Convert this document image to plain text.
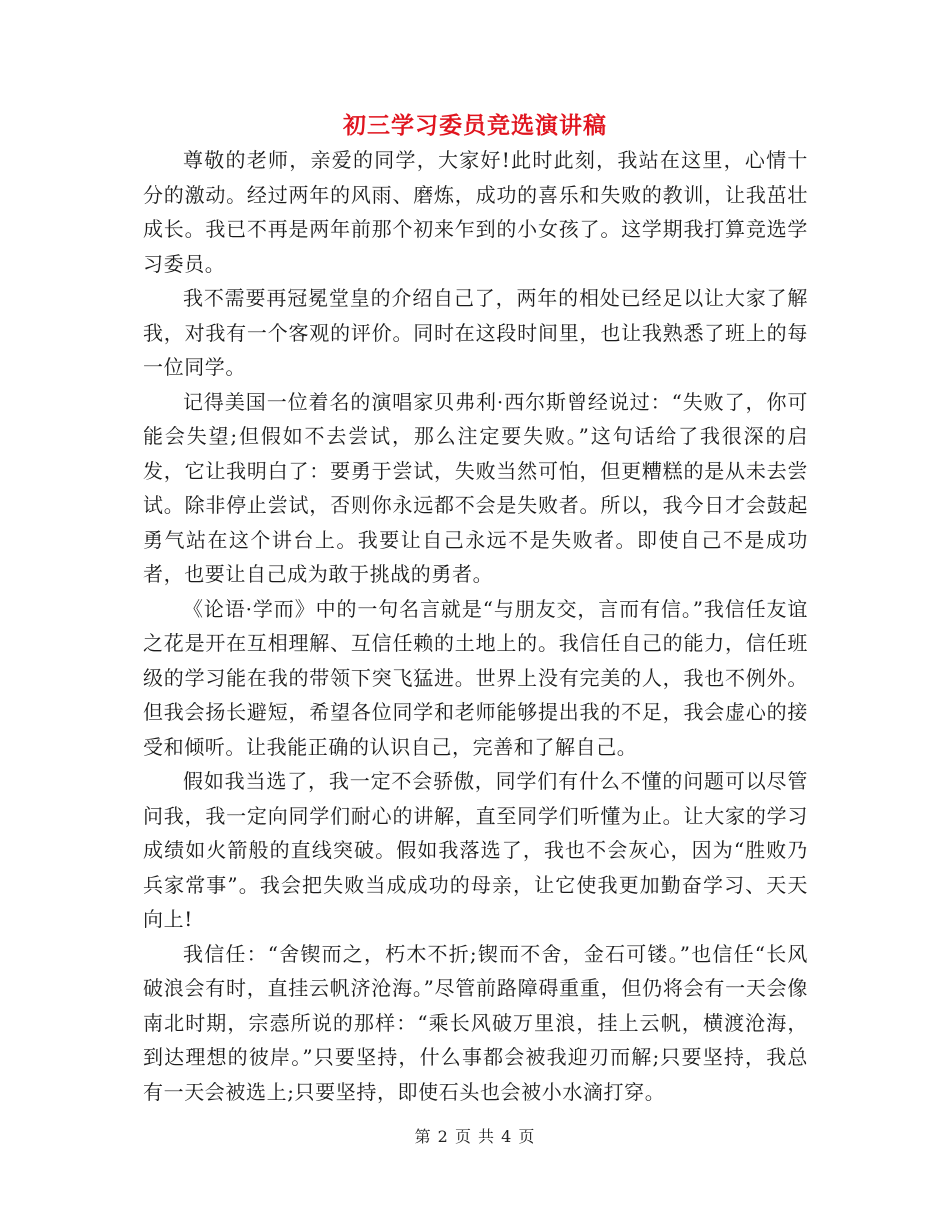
初三学习委员竞选演讲稿

尊敬的老师，亲爱的同学，大家好!此时此刻，我站在这里，心情十分的激动。经过两年的风雨、磨炼，成功的喜乐和失败的教训，让我茁壮成长。我已不再是两年前那个初来乍到的小女孩了。这学期我打算竞选学习委员。

我不需要再冠冕堂皇的介绍自己了，两年的相处已经足以让大家了解我，对我有一个客观的评价。同时在这段时间里，也让我熟悉了班上的每一位同学。

记得美国一位着名的演唱家贝弗利·西尔斯曾经说过：“失败了，你可能会失望;但假如不去尝试，那么注定要失败。”这句话给了我很深的启发，它让我明白了：要勇于尝试，失败当然可怕，但更糟糕的是从未去尝试。除非停止尝试，否则你永远都不会是失败者。所以，我今日才会鼓起勇气站在这个讲台上。我要让自己永远不是失败者。即使自己不是成功者，也要让自己成为敢于挑战的勇者。

《论语·学而》中的一句名言就是“与朋友交，言而有信。”我信任友谊之花是开在互相理解、互信任赖的土地上的。我信任自己的能力，信任班级的学习能在我的带领下突飞猛进。世界上没有完美的人，我也不例外。但我会扬长避短，希望各位同学和老师能够提出我的不足，我会虚心的接受和倾听。让我能正确的认识自己，完善和了解自己。

假如我当选了，我一定不会骄傲，同学们有什么不懂的问题可以尽管问我，我一定向同学们耐心的讲解，直至同学们听懂为止。让大家的学习成绩如火箭般的直线突破。假如我落选了，我也不会灰心，因为“胜败乃兵家常事”。我会把失败当成成功的母亲，让它使我更加勤奋学习、天天向上!

我信任：“舍锲而之，朽木不折;锲而不舍，金石可镂。”也信任“长风破浪会有时，直挂云帆济沧海。”尽管前路障碍重重，但仍将会有一天会像南北时期，宗悫所说的那样：“乘长风破万里浪，挂上云帆，横渡沧海，到达理想的彼岸。”只要坚持，什么事都会被我迎刃而解;只要坚持，我总有一天会被选上;只要坚持，即使石头也会被小水滴打穿。

第 2 页 共 4 页
